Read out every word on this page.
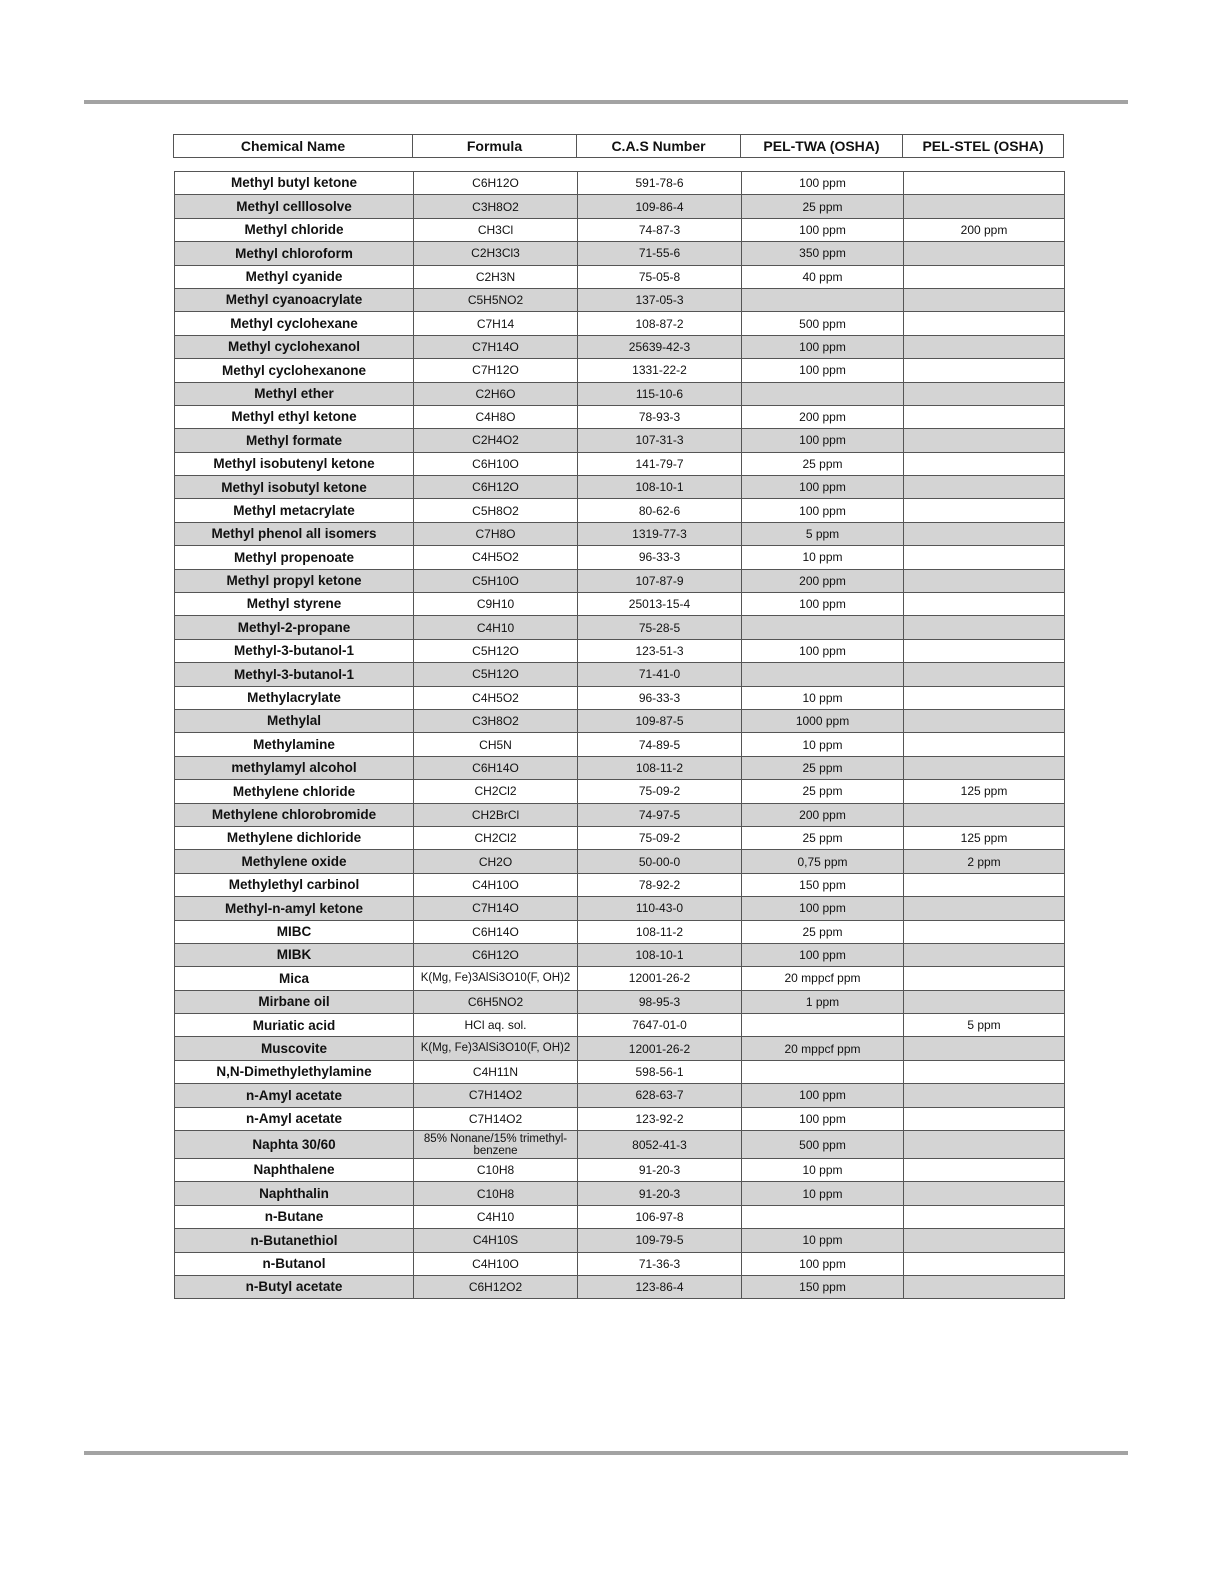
Chemical Name	Formula	C.A.S Number	PEL-TWA (OSHA)	PEL-STEL (OSHA)
Methyl butyl ketone	C6H12O	591-78-6	100 ppm	
Methyl celllosolve	C3H8O2	109-86-4	25 ppm	
Methyl chloride	CH3Cl	74-87-3	100 ppm	200 ppm
Methyl chloroform	C2H3Cl3	71-55-6	350 ppm	
Methyl cyanide	C2H3N	75-05-8	40 ppm	
Methyl cyanoacrylate	C5H5NO2	137-05-3		
Methyl cyclohexane	C7H14	108-87-2	500 ppm	
Methyl cyclohexanol	C7H14O	25639-42-3	100 ppm	
Methyl cyclohexanone	C7H12O	1331-22-2	100 ppm	
Methyl ether	C2H6O	115-10-6		
Methyl ethyl ketone	C4H8O	78-93-3	200 ppm	
Methyl formate	C2H4O2	107-31-3	100 ppm	
Methyl isobutenyl ketone	C6H10O	141-79-7	25 ppm	
Methyl isobutyl ketone	C6H12O	108-10-1	100 ppm	
Methyl metacrylate	C5H8O2	80-62-6	100 ppm	
Methyl phenol all isomers	C7H8O	1319-77-3	5 ppm	
Methyl propenoate	C4H5O2	96-33-3	10 ppm	
Methyl propyl ketone	C5H10O	107-87-9	200 ppm	
Methyl styrene	C9H10	25013-15-4	100 ppm	
Methyl-2-propane	C4H10	75-28-5		
Methyl-3-butanol-1	C5H12O	123-51-3	100 ppm	
Methyl-3-butanol-1	C5H12O	71-41-0		
Methylacrylate	C4H5O2	96-33-3	10 ppm	
Methylal	C3H8O2	109-87-5	1000 ppm	
Methylamine	CH5N	74-89-5	10 ppm	
methylamyl alcohol	C6H14O	108-11-2	25 ppm	
Methylene chloride	CH2Cl2	75-09-2	25 ppm	125 ppm
Methylene chlorobromide	CH2BrCl	74-97-5	200 ppm	
Methylene dichloride	CH2Cl2	75-09-2	25 ppm	125 ppm
Methylene oxide	CH2O	50-00-0	0,75 ppm	2 ppm
Methylethyl carbinol	C4H10O	78-92-2	150 ppm	
Methyl-n-amyl ketone	C7H14O	110-43-0	100 ppm	
MIBC	C6H14O	108-11-2	25 ppm	
MIBK	C6H12O	108-10-1	100 ppm	
Mica	K(Mg, Fe)3AlSi3O10(F, OH)2	12001-26-2	20 mppcf ppm	
Mirbane oil	C6H5NO2	98-95-3	1 ppm	
Muriatic acid	HCl aq. sol.	7647-01-0		5 ppm
Muscovite	K(Mg, Fe)3AlSi3O10(F, OH)2	12001-26-2	20 mppcf ppm	
N,N-Dimethylethylamine	C4H11N	598-56-1		
n-Amyl acetate	C7H14O2	628-63-7	100 ppm	
n-Amyl acetate	C7H14O2	123-92-2	100 ppm	
Naphta 30/60	85% Nonane/15% trimethyl-benzene	8052-41-3	500 ppm	
Naphthalene	C10H8	91-20-3	10 ppm	
Naphthalin	C10H8	91-20-3	10 ppm	
n-Butane	C4H10	106-97-8		
n-Butanethiol	C4H10S	109-79-5	10 ppm	
n-Butanol	C4H10O	71-36-3	100 ppm	
n-Butyl acetate	C6H12O2	123-86-4	150 ppm	
